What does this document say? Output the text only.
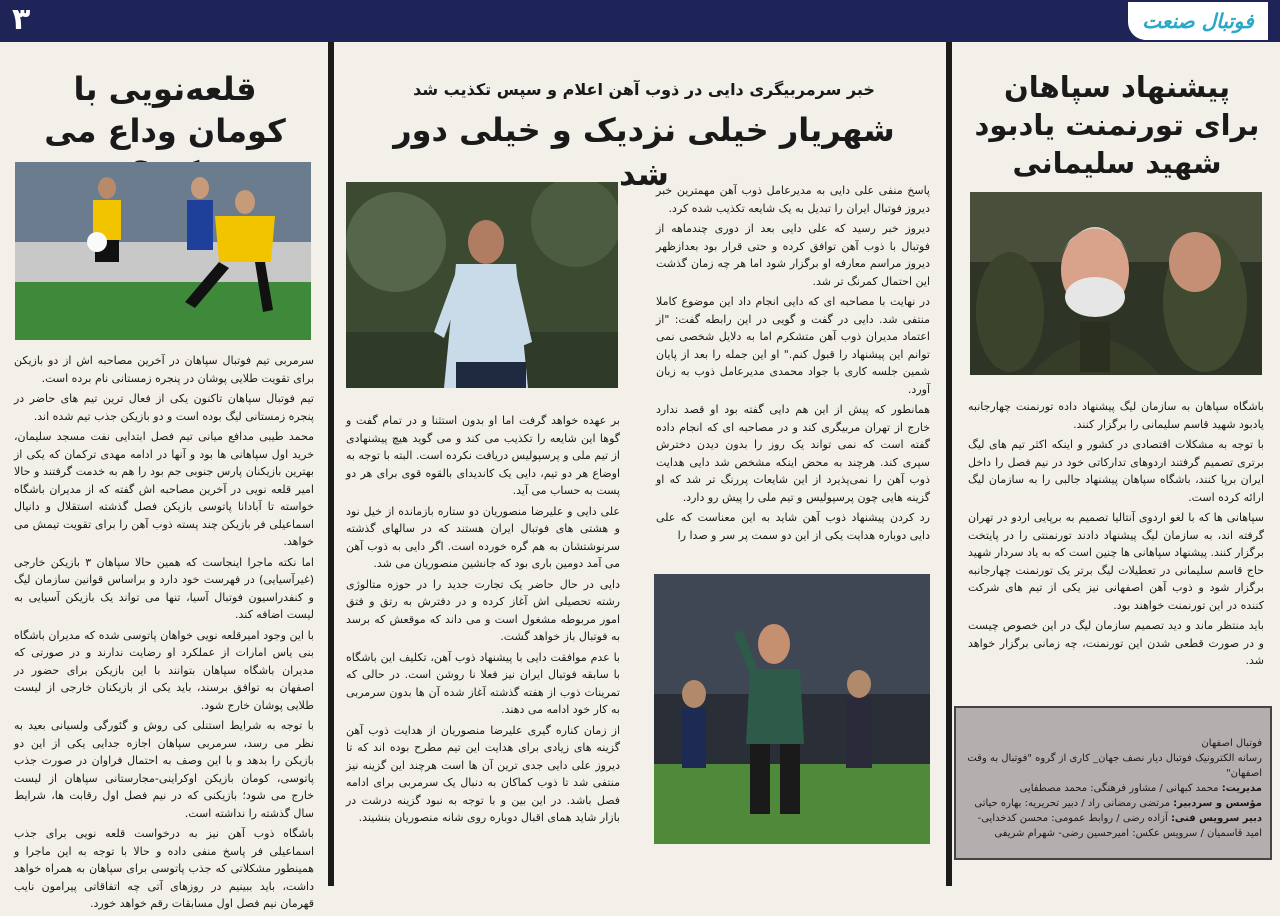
۳	فوتبال صنعت
پیشنهاد سپاهان برای تورنمنت یادبود شهید سلیمانی

باشگاه سپاهان به سازمان لیگ پیشنهاد داده تورنمنت چهارجانبه یادبود شهید قاسم سلیمانی را برگزار کنند.

با توجه به مشکلات اقتصادی در کشور و اینکه اکثر تیم های لیگ برتری تصمیم گرفتند اردوهای تدارکاتی خود در نیم فصل را داخل ایران برپا کنند، باشگاه سپاهان پیشنهاد جالبی را به سازمان لیگ ارائه کرده است.

سپاهانی ها که با لغو اردوی آنتالیا تصمیم به برپایی اردو در تهران گرفته اند، به سازمان لیگ پیشنهاد دادند تورنمنتی را در پایتخت برگزار کنند. پیشنهاد سپاهانی ها چنین است که به یاد سردار شهید حاج قاسم سلیمانی در تعطیلات لیگ برتر یک تورنمنت چهارجانبه برگزار شود و ذوب آهن اصفهانی نیز یکی از تیم های شرکت کننده در این تورنمنت خواهند بود.

باید منتظر ماند و دید تصمیم سازمان لیگ در این خصوص چیست و در صورت قطعی شدن این تورنمنت، چه زمانی برگزار خواهد شد.

فوتبال اصفهان
رسانه الکترونیک فوتبال دیار نصف جهان_ کاری از گروه "فوتبال به وقت اصفهان"
مدیریت: محمد کبهانی / مشاور فرهنگی: محمد مصطفایی
مؤسس و سردبیر: مرتضی رمضانی راد / دبیر تحریریه: بهاره حیاتی
دبیر سرویس فنی: آزاده رضی / روابط عمومی: محسن کدخدایی- امید قاسمیان / سرویس عکس: امیرحسین رضی- شهرام شریفی
خبر سرمربیگری دایی در ذوب آهن اعلام و سپس تکذیب شد
شهریار خیلی نزدیک و خیلی دور شد

پاسخ منفی علی دایی به مدیرعامل ذوب آهن مهمترین خبر دیروز فوتبال ایران را تبدیل به یک شایعه تکذیب شده کرد.

دیروز خبر رسید که علی دایی بعد از دوری چندماهه از فوتبال با ذوب آهن توافق کرده و حتی قرار بود بعدازظهر دیروز مراسم معارفه او برگزار شود اما هر چه زمان گذشت این احتمال کمرنگ تر شد.

در نهایت با مصاحبه ای که دایی انجام داد این موضوع کاملا منتفی شد. دایی در گفت و گویی در این رابطه گفت: "از اعتماد مدیران ذوب آهن متشکرم اما به دلایل شخصی نمی توانم این پیشنهاد را قبول کنم." او این جمله را بعد از پایان شمین جلسه کاری با جواد محمدی مدیرعامل ذوب به زبان آورد.

همانطور که پیش از این هم دایی گفته بود او قصد ندارد خارج از تهران مربیگری کند و در مصاحبه ای که انجام داده گفته است که نمی تواند یک روز را بدون دیدن دخترش سپری کند. هرچند به محض اینکه مشخص شد دایی هدایت ذوب آهن را نمی‌پذیرد از این شایعات پررنگ تر شد که او گزینه هایی چون پرسپولیس و تیم ملی را پیش رو دارد.

رد کردن پیشنهاد ذوب آهن شاید به این معناست که علی دایی دوباره هدایت یکی از این دو سمت پر سر و صدا را

بر عهده خواهد گرفت اما او بدون استثنا و در تمام گفت و گوها این شایعه را تکذیب می کند و می گوید هیچ پیشنهادی از تیم ملی و پرسپولیس دریافت نکرده است. البته با توجه به اوضاع هر دو تیم، دایی یک کاندیدای بالقوه قوی برای هر دو پست به حساب می آید.

علی دایی و علیرضا منصوریان دو ستاره بازمانده از خیل نود و هشتی های فوتبال ایران هستند که در سالهای گذشته سرنوشتشان به هم گره خورده است. اگر دایی به ذوب آهن می آمد دومین باری بود که جانشین منصوریان می شد.

دایی در حال حاضر یک تجارت جدید را در حوزه متالوژی رشته تحصیلی اش آغاز کرده و در دفترش به رتق و فتق امور مربوطه مشغول است و می داند که موقعش که برسد به فوتبال باز خواهد گشت.

با عدم موافقت دایی با پیشنهاد ذوب آهن، تکلیف این باشگاه با سابقه فوتبال ایران نیز فعلا نا روشن است. در حالی که تمرینات ذوب از هفته گذشته آغاز شده آن ها بدون سرمربی به کار خود ادامه می دهند.

از زمان کناره گیری علیرضا منصوریان از هدایت ذوب آهن گزینه های زیادی برای هدایت این تیم مطرح بوده اند که تا دیروز علی دایی جدی ترین آن ها است هرچند این گزینه نیز منتفی شد تا ذوب کماکان به دنبال یک سرمربی برای ادامه فصل باشد. در این بین و با توجه به نبود گزینه درشت در بازار شاید همای اقبال دوباره روی شانه منصوریان بنشیند.

قلعه‌نویی با کومان وداع می

سرمربی تیم فوتبال سپاهان در آخرین مصاحبه اش از دو بازیکن برای تقویت طلایی پوشان در پنجره زمستانی نام برده است.

تیم فوتبال سپاهان تاکنون یکی از فعال ترین تیم های حاضر در پنجره زمستانی لیگ بوده است و دو بازیکن جذب تیم شده اند.

محمد طیبی مدافع میانی تیم فصل ابتدایی نفت مسجد سلیمان، خرید اول سپاهانی ها بود و آنها در ادامه مهدی ترکمان که یکی از بهترین بازیکنان پارس جنوبی جم بود را هم به خدمت گرفتند و حالا امیر قلعه نویی در آخرین مصاحبه اش گفته که از مدیران باشگاه خواسته تا آبادانا پاتوسی بازیکن فصل گذشته استقلال و دانیال اسماعیلی فر بازیکن چند پسته ذوب آهن را برای تقویت تیمش می خواهد.

اما نکته ماجرا اینجاست که همین حالا سپاهان ۳ بازیکن خارجی (غیرآسیایی) در فهرست خود دارد و براساس قوانین سازمان لیگ و کنفدراسیون فوتبال آسیا، تنها می تواند یک بازیکن آسیایی به لیست اضافه کند.

با این وجود امیرقلعه نویی خواهان پاتوسی شده که مدیران باشگاه بنی یاس امارات از عملکرد او رضایت ندارند و در صورتی که مدیران باشگاه سپاهان بتوانند با این بازیکن برای حضور در اصفهان به توافق برسند، باید یکی از بازیکنان خارجی از لیست طلایی پوشان خارج شود.

با توجه به شرایط استنلی کی روش و گئورگی ولسیانی بعید به نظر می رسد، سرمربی سپاهان اجازه جدایی یکی از این دو بازیکن را بدهد و با این وصف به احتمال فراوان در صورت جذب پاتوسی، کومان بازیکن اوکراینی-مجارستانی سپاهان از لیست خارج می شود؛ بازیکنی که در نیم فصل اول رقابت ها، شرایط سال گذشته را نداشته است.

باشگاه ذوب آهن نیز به درخواست قلعه نویی برای جذب اسماعیلی فر پاسخ منفی داده و حالا با توجه به این ماجرا و همینطور مشکلاتی که جذب پاتوسی برای سپاهان به همراه خواهد داشت، باید ببینیم در روزهای آتی چه اتفاقاتی پیرامون نایب قهرمان نیم فصل اول مسابقات رقم خواهد خورد.
